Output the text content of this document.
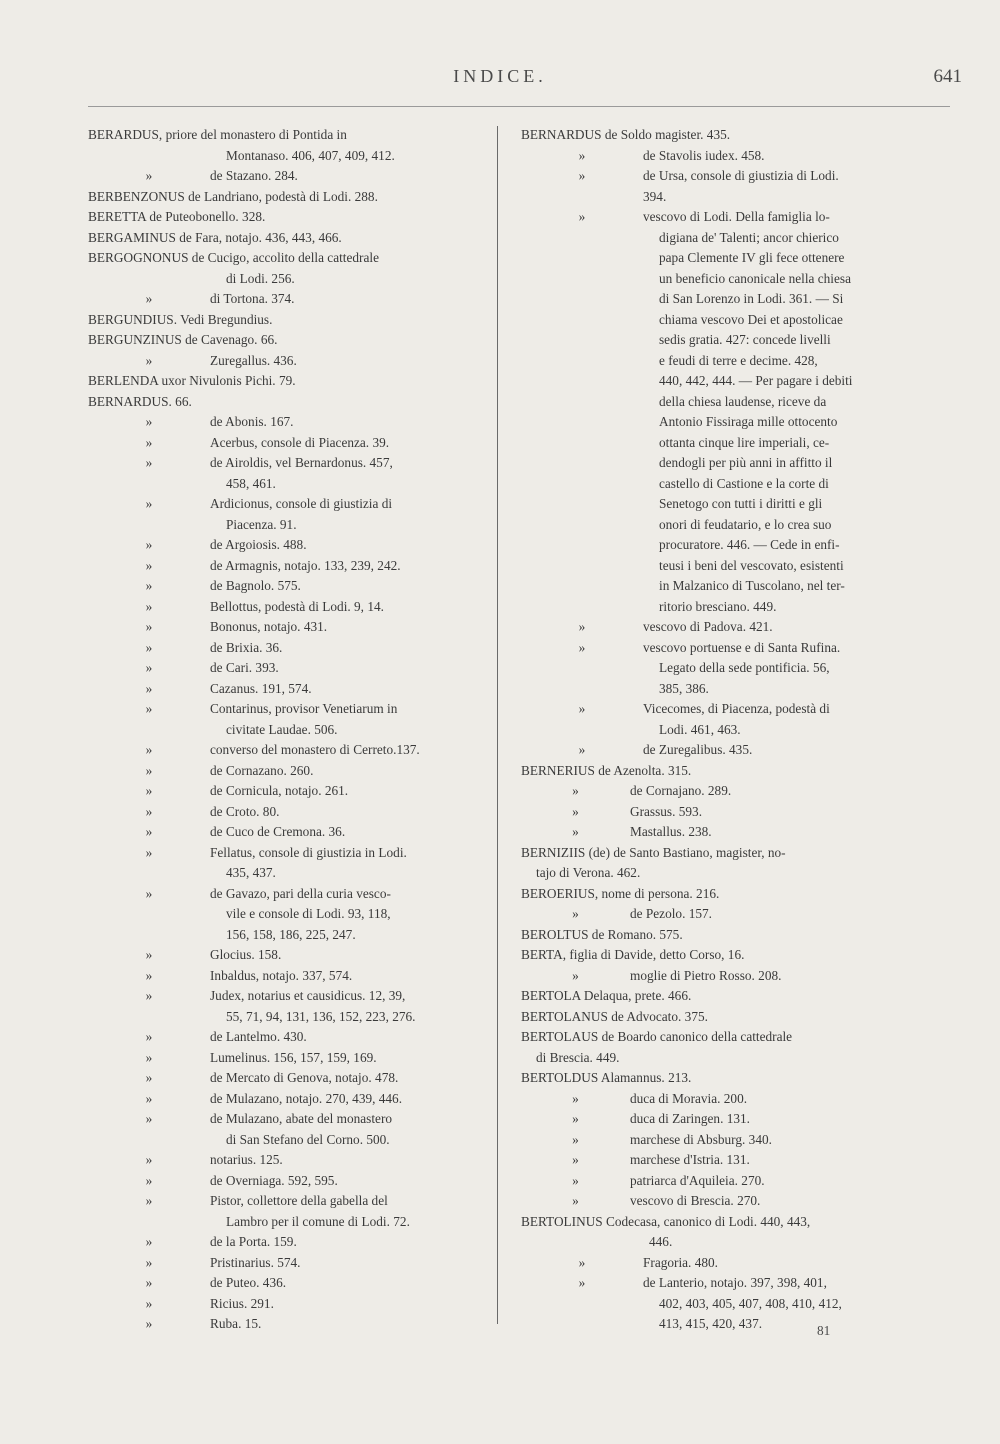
INDICE.	641
BERARDUS, priore del monastero di Pontida in
Montanaso. 406, 407, 409, 412.
»	de Stazano. 284.
BERBENZONUS de Landriano, podestà di Lodi. 288.
BERETTA de Puteobonello. 328.
BERGAMINUS de Fara, notajo. 436, 443, 466.
BERGOGNONUS de Cucigo, accolito della cattedrale
di Lodi. 256.
»	di Tortona. 374.
BERGUNDIUS. Vedi Bregundius.
BERGUNZINUS de Cavenago. 66.
»	Zuregallus. 436.
BERLENDA uxor Nivulonis Pichi. 79.
BERNARDUS. 66.
»	de Abonis. 167.
»	Acerbus, console di Piacenza. 39.
»	de Airoldis, vel Bernardonus. 457,
458, 461.
»	Ardicionus, console di giustizia di
Piacenza. 91.
»	de Argoiosis. 488.
»	de Armagnis, notajo. 133, 239, 242.
»	de Bagnolo. 575.
»	Bellottus, podestà di Lodi. 9, 14.
»	Bononus, notajo. 431.
»	de Brixia. 36.
»	de Cari. 393.
»	Cazanus. 191, 574.
»	Contarinus, provisor Venetiarum in
civitate Laudae. 506.
»	converso del monastero di Cerreto.137.
»	de Cornazano. 260.
»	de Cornicula, notajo. 261.
»	de Croto. 80.
»	de Cuco de Cremona. 36.
»	Fellatus, console di giustizia in Lodi.
435, 437.
»	de Gavazo, pari della curia vesco-
vile e console di Lodi. 93, 118,
156, 158, 186, 225, 247.
»	Glocius. 158.
»	Inbaldus, notajo. 337, 574.
»	Judex, notarius et causidicus. 12, 39,
55, 71, 94, 131, 136, 152, 223, 276.
»	de Lantelmo. 430.
»	Lumelinus. 156, 157, 159, 169.
»	de Mercato di Genova, notajo. 478.
»	de Mulazano, notajo. 270, 439, 446.
»	de Mulazano, abate del monastero
di San Stefano del Corno. 500.
»	notarius. 125.
»	de Overniaga. 592, 595.
»	Pistor, collettore della gabella del
Lambro per il comune di Lodi. 72.
»	de la Porta. 159.
»	Pristinarius. 574.
»	de Puteo. 436.
»	Ricius. 291.
»	Ruba. 15.
BERNARDUS de Soldo magister. 435.
»	de Stavolis iudex. 458.
»	de Ursa, console di giustizia di Lodi.
394.
»	vescovo di Lodi. Della famiglia lo-
digiana de' Talenti; ancor chierico
papa Clemente IV gli fece ottenere
un beneficio canonicale nella chiesa
di San Lorenzo in Lodi. 361. — Si
chiama vescovo Dei et apostolicae
sedis gratia. 427: concede livelli
e feudi di terre e decime. 428,
440, 442, 444. — Per pagare i debiti
della chiesa laudense, riceve da
Antonio Fissiraga mille ottocento
ottanta cinque lire imperiali, ce-
dendogli per più anni in affitto il
castello di Castione e la corte di
Senetogo con tutti i diritti e gli
onori di feudatario, e lo crea suo
procuratore. 446. — Cede in enfi-
teusi i beni del vescovato, esistenti
in Malzanico di Tuscolano, nel ter-
ritorio bresciano. 449.
»	vescovo di Padova. 421.
»	vescovo portuense e di Santa Rufina.
Legato della sede pontificia. 56,
385, 386.
»	Vicecomes, di Piacenza, podestà di
Lodi. 461, 463.
»	de Zuregalibus. 435.
BERNERIUS de Azenolta. 315.
»	de Cornajano. 289.
»	Grassus. 593.
»	Mastallus. 238.
BERNIZIIS (de) de Santo Bastiano, magister, no-
tajo di Verona. 462.
BEROERIUS, nome di persona. 216.
»	de Pezolo. 157.
BEROLTUS de Romano. 575.
BERTA, figlia di Davide, detto Corso, 16.
»	moglie di Pietro Rosso. 208.
BERTOLA Delaqua, prete. 466.
BERTOLANUS de Advocato. 375.
BERTOLAUS de Boardo canonico della cattedrale
di Brescia. 449.
BERTOLDUS Alamannus. 213.
»	duca di Moravia. 200.
»	duca di Zaringen. 131.
»	marchese di Absburg. 340.
»	marchese d'Istria. 131.
»	patriarca d'Aquileia. 270.
»	vescovo di Brescia. 270.
BERTOLINUS Codecasa, canonico di Lodi. 440, 443,
446.
»	Fragoria. 480.
»	de Lanterio, notajo. 397, 398, 401,
402, 403, 405, 407, 408, 410, 412,
413, 415, 420, 437.	81
